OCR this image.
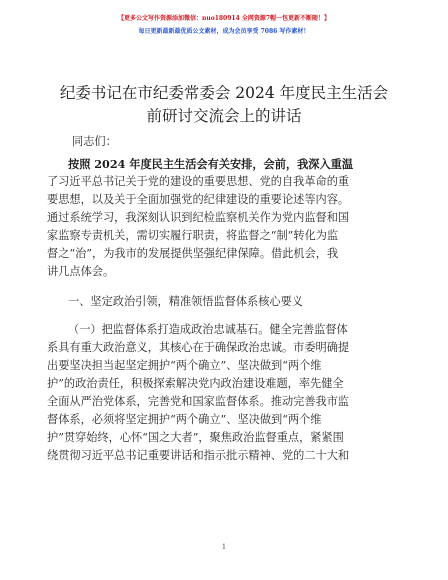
【更多公文写作资源添加微信：nuo180914 全网资源7帽一包更新不断随！】
每日更新最新最优质公文素材，成为会员享受 7086 写作素材！
纪委书记在市纪委常委会 2024 年度民主生活会
前研讨交流会上的讲话
同志们：
按照 2024 年度民主生活会有关安排，会前，我深入重温
了习近平总书记关于党的建设的重要思想、党的自我革命的重
要思想，以及关于全面加强党的纪律建设的重要论述等内容。
通过系统学习，我深刻认识到纪检监察机关作为党内监督和国
家监察专责机关，需切实履行职责，将监督之“制”转化为监
督之“治”，为我市的发展提供坚强纪律保障。借此机会，我
讲几点体会。
一、坚定政治引领，精准领悟监督体系核心要义
（一）把监督体系打造成政治忠诚基石。健全完善监督体
系具有重大政治意义，其核心在于确保政治忠诚。市委明确提
出要坚决担当起坚定拥护“两个确立”、坚决做到“两个维
护”的政治责任，积极探索解决党内政治建设难题，率先健全
全面从严治党体系，完善党和国家监督体系。推动完善我市监
督体系，必须将坚定拥护“两个确立”、坚决做到“两个维
护”贯穿始终，心怀“国之大者”，聚焦政治监督重点，紧紧围
绕贯彻习近平总书记重要讲话和指示批示精神、党的二十大和
1
